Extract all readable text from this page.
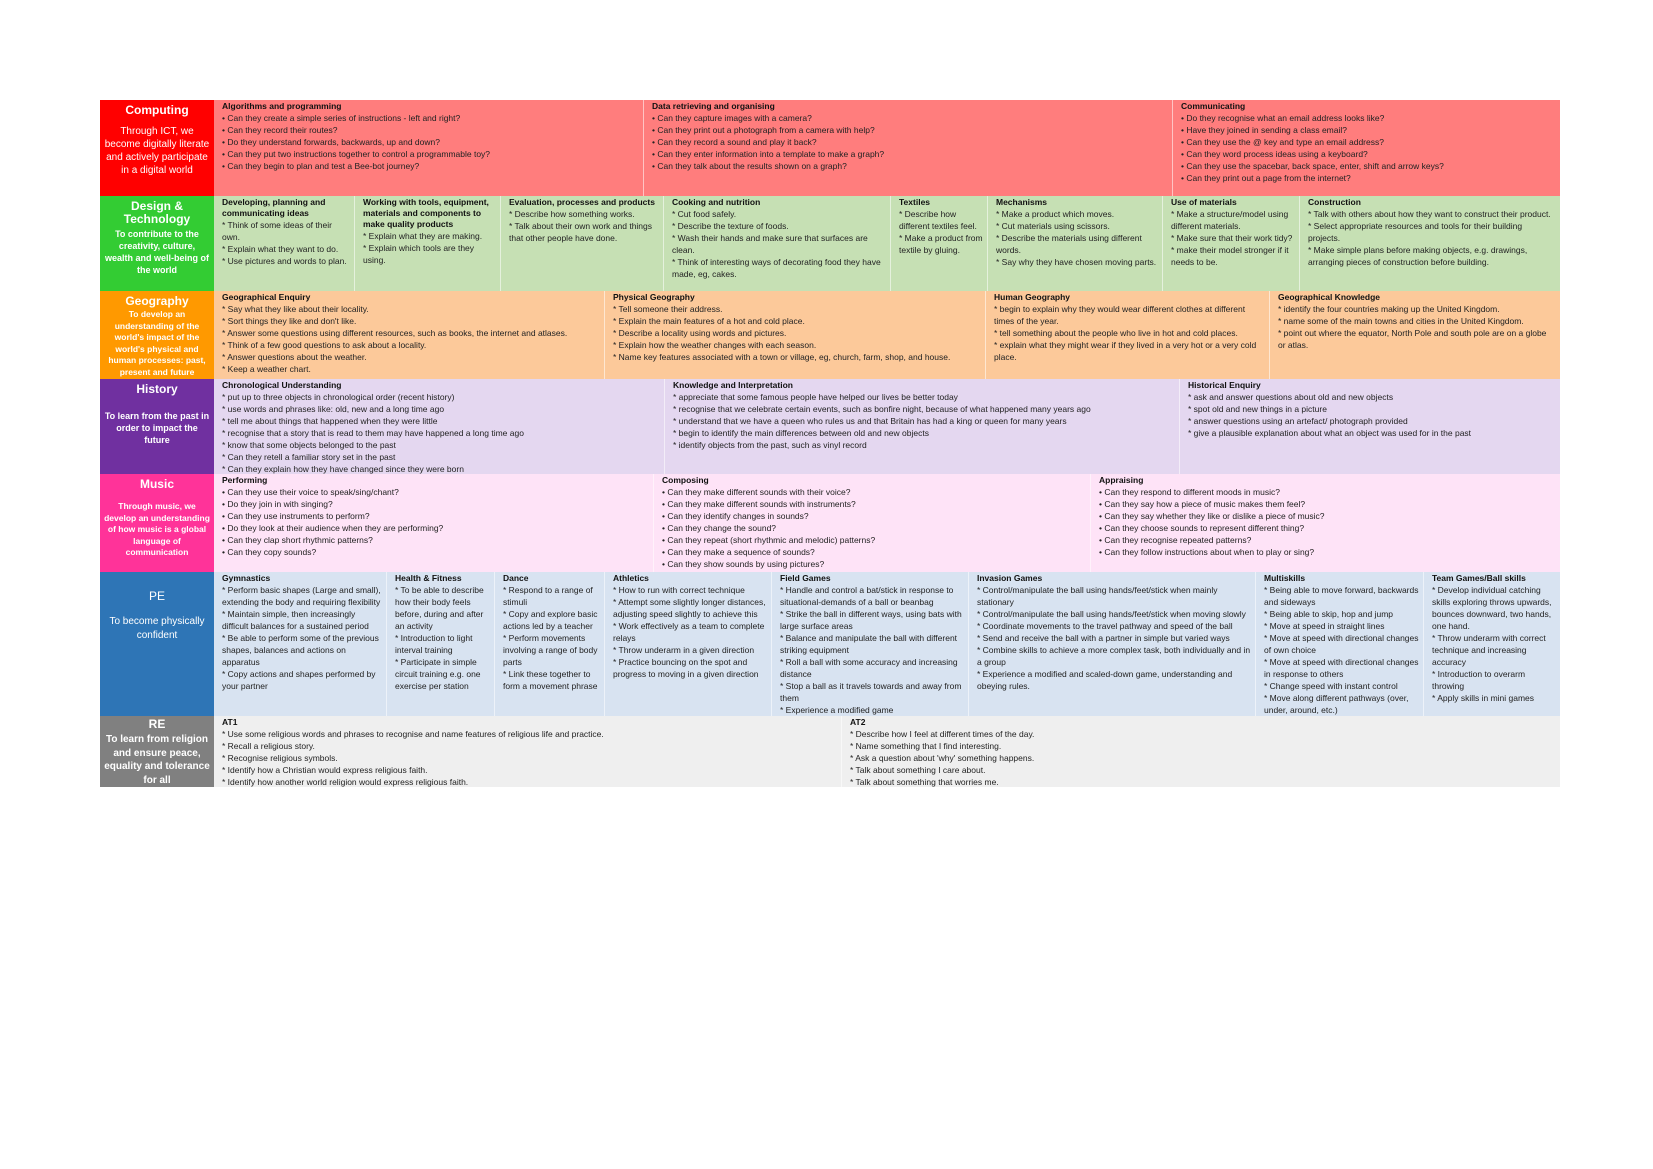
Computing
Through ICT, we become digitally literate and actively participate in a digital world
Algorithms and programming
• Can they create a simple series of instructions - left and right?
• Can they record their routes?
• Do they understand forwards, backwards, up and down?
• Can they put two instructions together to control a programmable toy?
• Can they begin to plan and test a Bee-bot journey?
Data retrieving and organising
• Can they capture images with a camera?
• Can they print out a photograph from a camera with help?
• Can they record a sound and play it back?
• Can they enter information into a template to make a graph?
• Can they talk about the results shown on a graph?
Communicating
• Do they recognise what an email address looks like?
• Have they joined in sending a class email?
• Can they use the @ key and type an email address?
• Can they word process ideas using a keyboard?
• Can they use the spacebar, back space, enter, shift and arrow keys?
• Can they print out a page from the internet?
Design & Technology
To contribute to the creativity, culture, wealth and well-being of the world
Developing, planning and communicating ideas
* Think of some ideas of their own.
* Explain what they want to do.
* Use pictures and words to plan.
Working with tools, equipment, materials and components to make quality products
* Explain what they are making.
* Explain which tools are they using.
Evaluation, processes and products
* Describe how something works.
* Talk about their own work and things that other people have done.
Cooking and nutrition
* Cut food safely.
* Describe the texture of foods.
* Wash their hands and make sure that surfaces are clean.
* Think of interesting ways of decorating food they have made, eg, cakes.
Textiles
* Describe how different textiles feel.
* Make a product from textile by gluing.
Mechanisms
* Make a product which moves.
* Cut materials using scissors.
* Describe the materials using different words.
* Say why they have chosen moving parts.
Use of materials
* Make a structure/model using different materials.
* Make sure that their work tidy?
* make their model stronger if it needs to be.
Construction
* Talk with others about how they want to construct their product.
* Select appropriate resources and tools for their building projects.
* Make simple plans before making objects, e.g. drawings, arranging pieces of construction before building.
Geography
To develop an understanding of the world's impact of the world's physical and human processes: past, present and future
Geographical Enquiry
* Say what they like about their locality.
* Sort things they like and don't like.
* Answer some questions using different resources, such as books, the internet and atlases.
* Think of a few good questions to ask about a locality.
* Answer questions about the weather.
* Keep a weather chart.
Physical Geography
* Tell someone their address.
* Explain the main features of a hot and cold place.
* Describe a locality using words and pictures.
* Explain how the weather changes with each season.
* Name key features associated with a town or village, eg, church, farm, shop, and house.
Human Geography
* begin to explain why they would wear different clothes at different times of the year.
* tell something about the people who live in hot and cold places.
* explain what they might wear if they lived in a very hot or a very cold place.
Geographical Knowledge
* identify the four countries making up the United Kingdom.
* name some of the main towns and cities in the United Kingdom.
* point out where the equator, North Pole and south pole are on a globe or atlas.
History
To learn from the past in order to impact the future
Chronological Understanding
* put up to three objects in chronological order (recent history)
* use words and phrases like: old, new and a long time ago
* tell me about things that happened when they were little
* recognise that a story that is read to them may have happened a long time ago
* know that some objects belonged to the past
* Can they retell a familiar story set in the past
* Can they explain how they have changed since they were born
Knowledge and Interpretation
* appreciate that some famous people have helped our lives be better today
* recognise that we celebrate certain events, such as bonfire night, because of what happened many years ago
* understand that we have a queen who rules us and that Britain has had a king or queen for many years
* begin to identify the main differences between old and new objects
* identify objects from the past, such as vinyl record
Historical Enquiry
* ask and answer questions about old and new objects
* spot old and new things in a picture
* answer questions using an artefact/ photograph provided
* give a plausible explanation about what an object was used for in the past
Music
Through music, we develop an understanding of how music is a global language of communication
Performing
• Can they use their voice to speak/sing/chant?
• Do they join in with singing?
• Can they use instruments to perform?
• Do they look at their audience when they are performing?
• Can they clap short rhythmic patterns?
• Can they copy sounds?
Composing
• Can they make different sounds with their voice?
• Can they make different sounds with instruments?
• Can they identify changes in sounds?
• Can they change the sound?
• Can they repeat (short rhythmic and melodic) patterns?
• Can they make a sequence of sounds?
• Can they show sounds by using pictures?
Appraising
• Can they respond to different moods in music?
• Can they say how a piece of music makes them feel?
• Can they say whether they like or dislike a piece of music?
• Can they choose sounds to represent different thing?
• Can they recognise repeated patterns?
• Can they follow instructions about when to play or sing?
PE
To become physically confident
Gymnastics
* Perform basic shapes (Large and small), extending the body and requiring flexibility
* Maintain simple, then increasingly difficult balances for a sustained period
* Be able to perform some of the previous shapes, balances and actions on apparatus
* Copy actions and shapes performed by your partner
Health & Fitness
* To be able to describe how their body feels before, during and after an activity
* Introduction to light interval training
* Participate in simple circuit training e.g. one exercise per station
Dance
* Respond to a range of stimuli
* Copy and explore basic actions led by a teacher
* Perform movements involving a range of body parts
* Link these together to form a movement phrase
Athletics
* How to run with correct technique
* Attempt some slightly longer distances, adjusting speed slightly to achieve this
* Work effectively as a team to complete relays
* Throw underarm in a given direction
* Practice bouncing on the spot and progress to moving in a given direction
Field Games
* Handle and control a bat/stick in response to situational-demands of a ball or beanbag
* Strike the ball in different ways, using bats with large surface areas
* Balance and manipulate the ball with different striking equipment
* Roll a ball with some accuracy and increasing distance
* Stop a ball as it travels towards and away from them
* Experience a modified game
Invasion Games
* Control/manipulate the ball using hands/feet/stick when mainly stationary
* Control/manipulate the ball using hands/feet/stick when moving slowly
* Coordinate movements to the travel pathway and speed of the ball
* Send and receive the ball with a partner in simple but varied ways
* Combine skills to achieve a more complex task, both individually and in a group
* Experience a modified and scaled-down game, understanding and obeying rules.
Multiskills
* Being able to move forward, backwards and sideways
* Being able to skip, hop and jump
* Move at speed in straight lines
* Move at speed with directional changes of own choice
* Move at speed with directional changes in response to others
* Change speed with instant control
* Move along different pathways (over, under, around, etc.)
Team Games/Ball skills
* Develop individual catching skills exploring throws upwards, bounces downward, two hands, one hand.
* Throw underarm with correct technique and increasing accuracy
* Introduction to overarm throwing
* Apply skills in mini games
RE
To learn from religion and ensure peace, equality and tolerance for all
AT1
* Use some religious words and phrases to recognise and name features of religious life and practice.
* Recall a religious story.
* Recognise religious symbols.
* Identify how a Christian would express religious faith.
* Identify how another world religion would express religious faith.
AT2
* Describe how I feel at different times of the day.
* Name something that I find interesting.
* Ask a question about 'why' something happens.
* Talk about something I care about.
* Talk about something that worries me.
